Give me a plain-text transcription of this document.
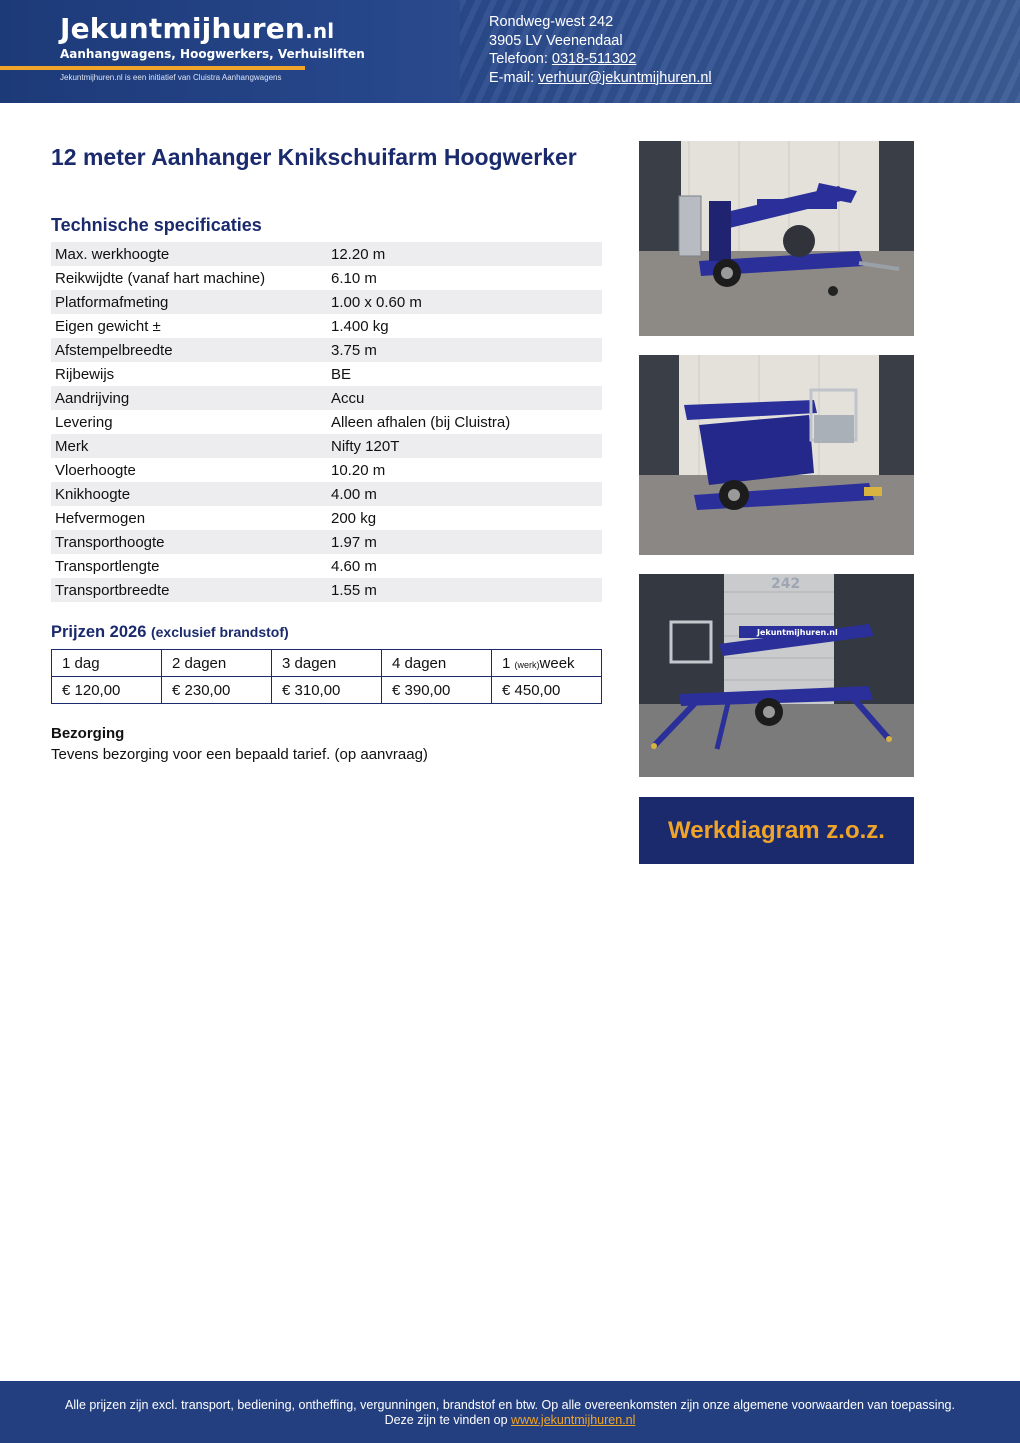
Jekuntmijhuren.nl
Aanhangwagens, Hoogwerkers, Verhuisliften
Jekuntmijhuren.nl is een initiatief van Cluistra Aanhangwagens
Rondweg-west 242
3905 LV Veenendaal
Telefoon: 0318-511302
E-mail: verhuur@jekuntmijhuren.nl
12 meter Aanhanger Knikschuifarm Hoogwerker
Technische specificaties
Max. werkhoogte	12.20 m
Reikwijdte (vanaf hart machine)	6.10 m
Platformafmeting	1.00 x 0.60 m
Eigen gewicht ±	1.400 kg
Afstempelbreedte	3.75 m
Rijbewijs	BE
Aandrijving	Accu
Levering	Alleen afhalen (bij Cluistra)
Merk	Nifty 120T
Vloerhoogte	10.20 m
Knikhoogte	4.00 m
Hefvermogen	200 kg
Transporthoogte	1.97 m
Transportlengte	4.60 m
Transportbreedte	1.55 m
Prijzen 2026 (exclusief brandstof)
1 dag	2 dagen	3 dagen	4 dagen	1 (werk)week
€ 120,00	€ 230,00	€ 310,00	€ 390,00	€ 450,00
Bezorging
Tevens bezorging voor een bepaald tarief. (op aanvraag)
242
Jekuntmijhuren.nl
Werkdiagram z.o.z.
Alle prijzen zijn excl. transport, bediening, ontheffing, vergunningen, brandstof en btw. Op alle overeenkomsten zijn onze algemene voorwaarden van toepassing.
Deze zijn te vinden op www.jekuntmijhuren.nl
